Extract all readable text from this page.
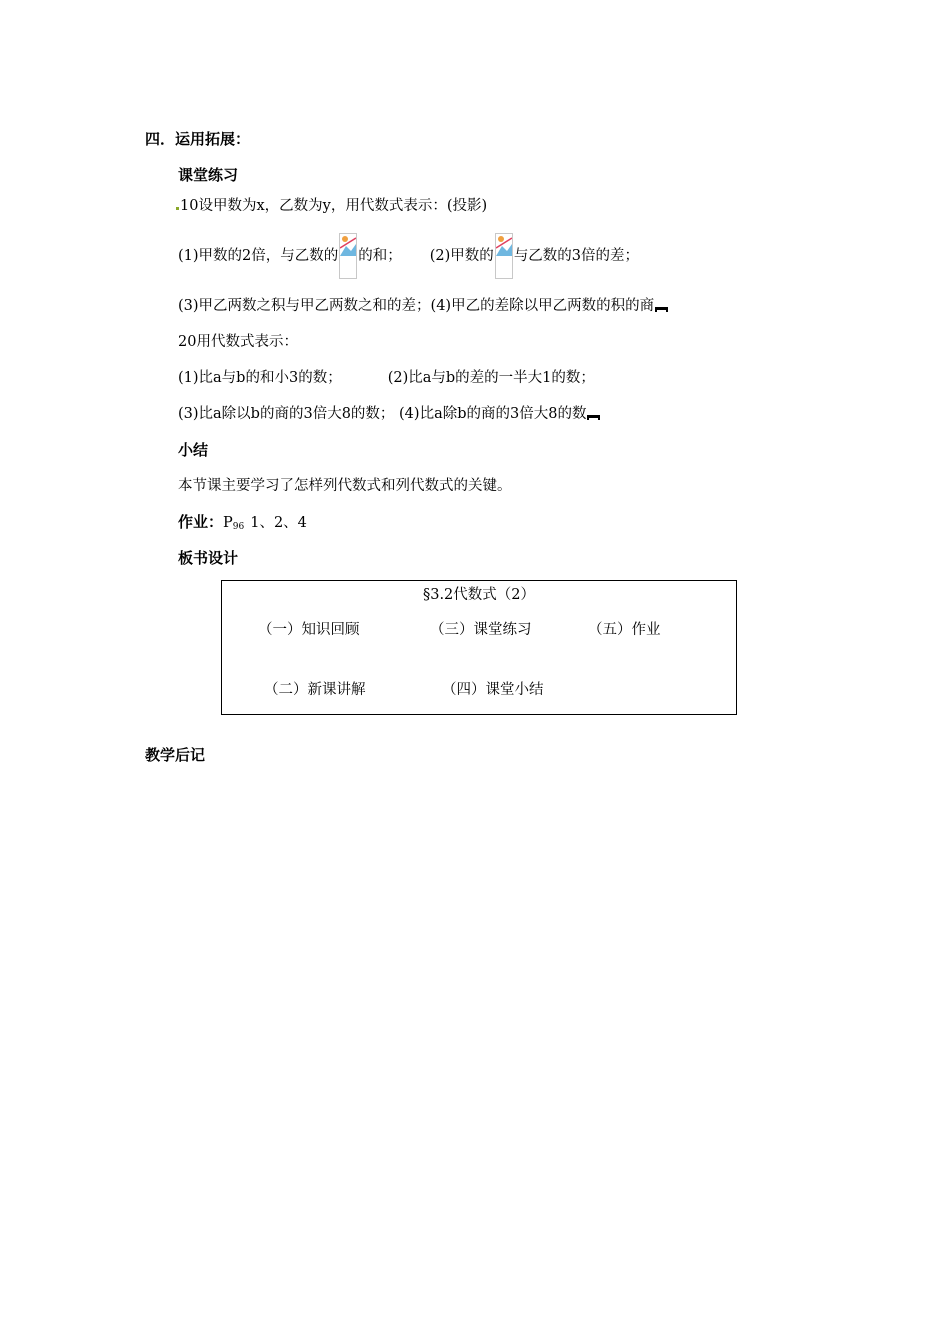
四．运用拓展：
课堂练习
10设甲数为x，乙数为y，用代数式表示：(投影)
(1)甲数的2倍，与乙数的 的和； (2)甲数的 与乙数的3倍的差；
(3)甲乙两数之积与甲乙两数之和的差；(4)甲乙的差除以甲乙两数的积的商
20用代数式表示：
(1)比a与b的和小3的数；	(2)比a与b的差的一半大1的数；
(3)比a除以b的商的3倍大8的数； (4)比a除b的商的3倍大8的数
小结
本节课主要学习了怎样列代数式和列代数式的关键。
作业：$P_{96}$ 1、2、4
板书设计
§3.2代数式（2）
（一）知识回顾	（三）课堂练习	（五）作业
（二）新课讲解	（四）课堂小结
教学后记
